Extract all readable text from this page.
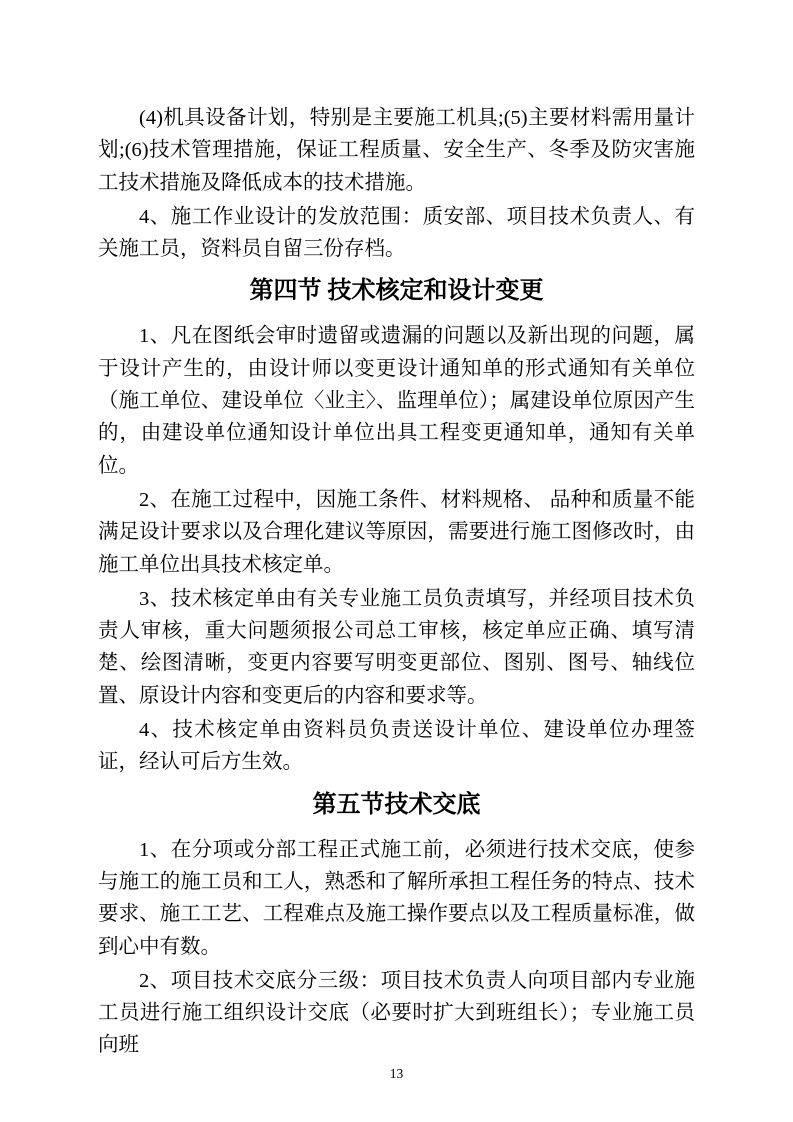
(4)机具设备计划，特别是主要施工机具;(5)主要材料需用量计划;(6)技术管理措施，保证工程质量、安全生产、冬季及防灾害施工技术措施及降低成本的技术措施。

4、施工作业设计的发放范围：质安部、项目技术负责人、有关施工员，资料员自留三份存档。

第四节 技术核定和设计变更

1、凡在图纸会审时遗留或遗漏的问题以及新出现的问题，属于设计产生的，由设计师以变更设计通知单的形式通知有关单位（施工单位、建设单位〈业主〉、监理单位）；属建设单位原因产生的，由建设单位通知设计单位出具工程变更通知单，通知有关单位。

2、在施工过程中，因施工条件、材料规格、 品种和质量不能满足设计要求以及合理化建议等原因，需要进行施工图修改时，由施工单位出具技术核定单。

3、技术核定单由有关专业施工员负责填写，并经项目技术负责人审核，重大问题须报公司总工审核，核定单应正确、填写清楚、绘图清晰，变更内容要写明变更部位、图别、图号、轴线位置、原设计内容和变更后的内容和要求等。

4、技术核定单由资料员负责送设计单位、建设单位办理签证，经认可后方生效。

第五节技术交底

1、在分项或分部工程正式施工前，必须进行技术交底，使参与施工的施工员和工人，熟悉和了解所承担工程任务的特点、技术要求、施工工艺、工程难点及施工操作要点以及工程质量标准，做到心中有数。

2、项目技术交底分三级：项目技术负责人向项目部内专业施工员进行施工组织设计交底（必要时扩大到班组长）；专业施工员向班

13
